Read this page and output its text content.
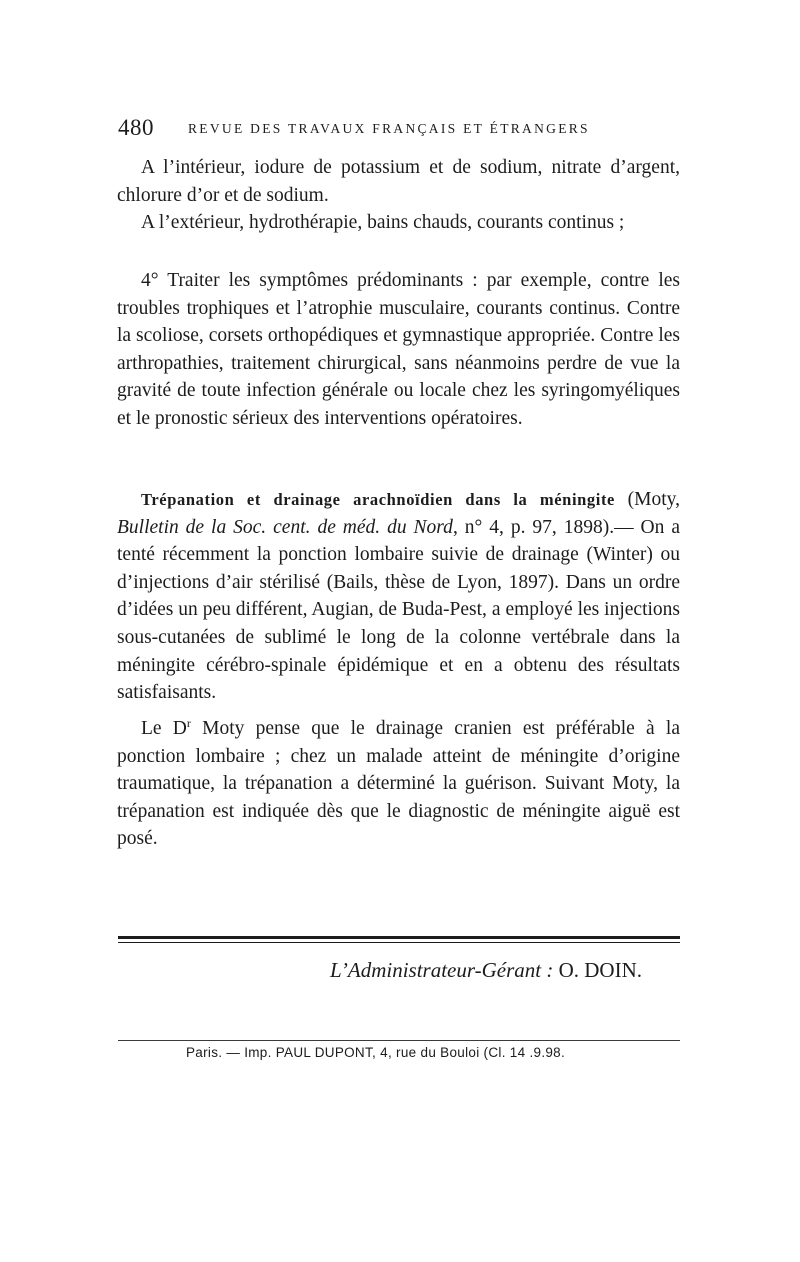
480	REVUE DES TRAVAUX FRANÇAIS ET ÉTRANGERS

A l’intérieur, iodure de potassium et de sodium, nitrate d’argent, chlorure d’or et de sodium.

A l’extérieur, hydrothérapie, bains chauds, courants continus ;

4° Traiter les symptômes prédominants : par exemple, contre les troubles trophiques et l’atrophie musculaire, courants continus. Contre la scoliose, corsets orthopédiques et gymnastique appropriée. Contre les arthropathies, traitement chirurgical, sans néanmoins perdre de vue la gravité de toute infection générale ou locale chez les syringomyéliques et le pronostic sérieux des interventions opératoires.

Trépanation et drainage arachnoïdien dans la méningite (Moty, Bulletin de la Soc. cent. de méd. du Nord, n° 4, p. 97, 1898).— On a tenté récemment la ponction lombaire suivie de drainage (Winter) ou d’injections d’air stérilisé (Bails, thèse de Lyon, 1897). Dans un ordre d’idées un peu différent, Augian, de Buda-Pest, a employé les injections sous-cutanées de sublimé le long de la colonne vertébrale dans la méningite cérébro-spinale épidémique et en a obtenu des résultats satisfaisants.

Le $D^r$ Moty pense que le drainage cranien est préférable à la ponction lombaire ; chez un malade atteint de méningite d’origine traumatique, la trépanation a déterminé la guérison. Suivant Moty, la trépanation est indiquée dès que le diagnostic de méningite aiguë est posé.

L’Administrateur-Gérant : O. DOIN.
Paris. — Imp. PAUL DUPONT, 4, rue du Bouloi (Cl. 14 .9.98.
